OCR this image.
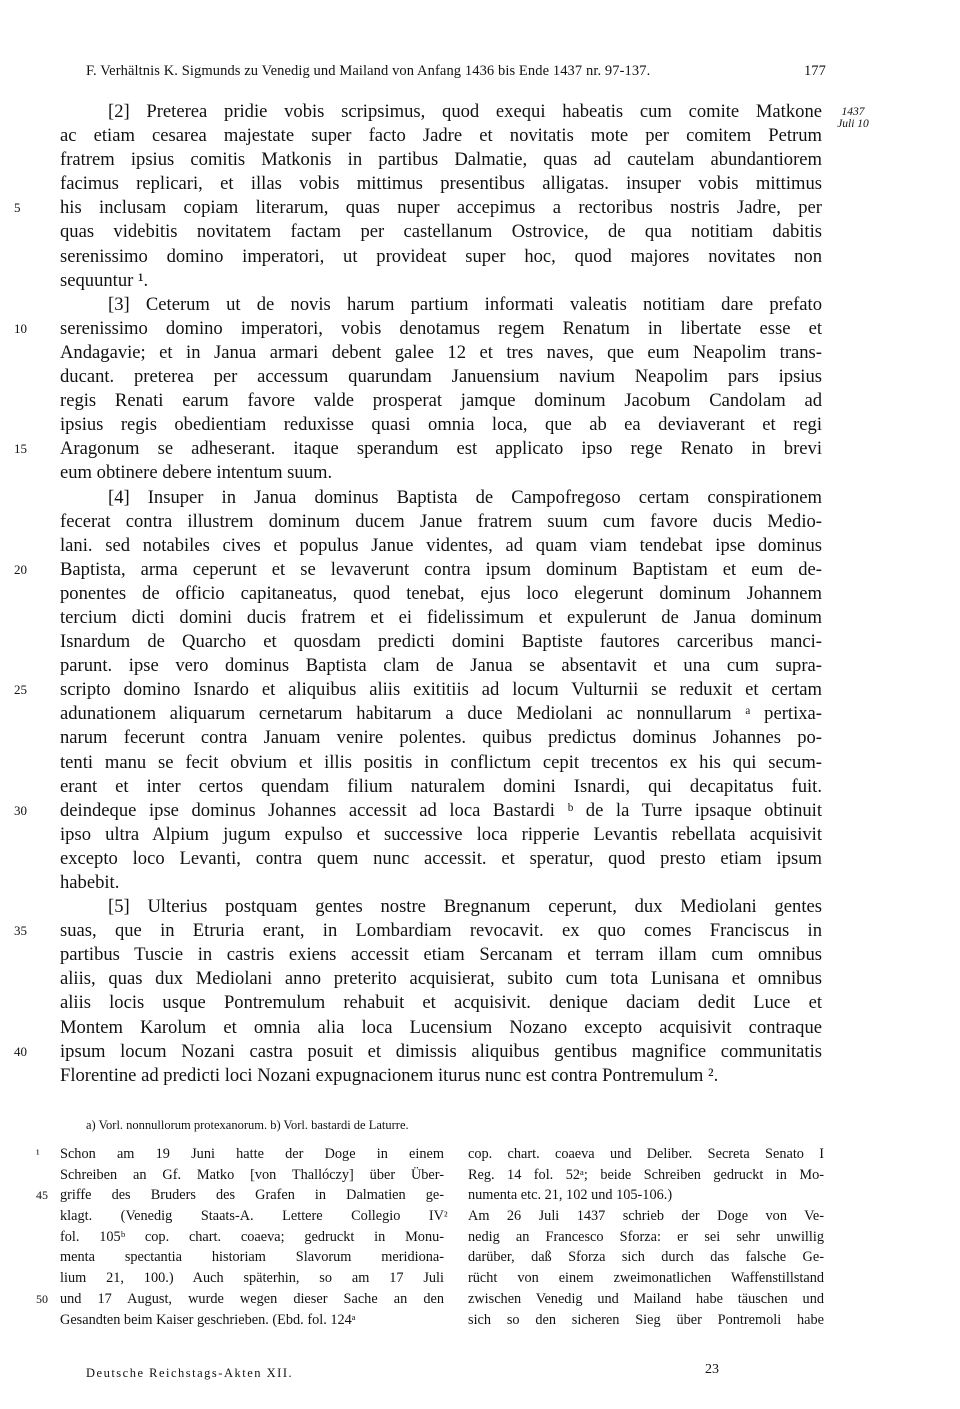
F. Verhältnis K. Sigmunds zu Venedig und Mailand von Anfang 1436 bis Ende 1437 nr. 97-137.	177
1437
Juli 10
[2] Preterea pridie vobis scripsimus, quod exequi habeatis cum comite Matkone
ac etiam cesarea majestate super facto Jadre et novitatis mote per comitem Petrum
fratrem ipsius comitis Matkonis in partibus Dalmatie, quas ad cautelam abundantiorem
facimus replicari, et illas vobis mittimus presentibus alligatas. insuper vobis mittimus
5	his inclusam copiam literarum, quas nuper accepimus a rectoribus nostris Jadre, per
quas videbitis novitatem factam per castellanum Ostrovice, de qua notitiam dabitis
serenissimo domino imperatori, ut provideat super hoc, quod majores novitates non
sequuntur ¹.
[3] Ceterum ut de novis harum partium informati valeatis notitiam dare prefato
10	serenissimo domino imperatori, vobis denotamus regem Renatum in libertate esse et
Andagavie; et in Janua armari debent galee 12 et tres naves, que eum Neapolim trans-
ducant. preterea per accessum quarundam Januensium navium Neapolim pars ipsius
regis Renati earum favore valde prosperat jamque dominum Jacobum Candolam ad
ipsius regis obedientiam reduxisse quasi omnia loca, que ab ea deviaverant et regi
15	Aragonum se adheserant. itaque sperandum est applicato ipso rege Renato in brevi
eum obtinere debere intentum suum.
[4] Insuper in Janua dominus Baptista de Campofregoso certam conspirationem
fecerat contra illustrem dominum ducem Janue fratrem suum cum favore ducis Medio-
lani. sed notabiles cives et populus Janue videntes, ad quam viam tendebat ipse dominus
20	Baptista, arma ceperunt et se levaverunt contra ipsum dominum Baptistam et eum de-
ponentes de officio capitaneatus, quod tenebat, ejus loco elegerunt dominum Johannem
tercium dicti domini ducis fratrem et ei fidelissimum et expulerunt de Janua dominum
Isnardum de Quarcho et quosdam predicti domini Baptiste fautores carceribus manci-
parunt. ipse vero dominus Baptista clam de Janua se absentavit et una cum supra-
25	scripto domino Isnardo et aliquibus aliis exititiis ad locum Vulturnii se reduxit et certam
adunationem aliquarum cernetarum habitarum a duce Mediolani ac nonnullarum ᵃ pertixa-
narum fecerunt contra Januam venire polentes. quibus predictus dominus Johannes po-
tenti manu se fecit obvium et illis positis in conflictum cepit trecentos ex his qui secum-
erant et inter certos quendam filium naturalem domini Isnardi, qui decapitatus fuit.
30	deindeque ipse dominus Johannes accessit ad loca Bastardi ᵇ de la Turre ipsaque obtinuit
ipso ultra Alpium jugum expulso et successive loca ripperie Levantis rebellata acquisivit
excepto loco Levanti, contra quem nunc accessit. et speratur, quod presto etiam ipsum
habebit.
[5] Ulterius postquam gentes nostre Bregnanum ceperunt, dux Mediolani gentes
35	suas, que in Etruria erant, in Lombardiam revocavit. ex quo comes Franciscus in
partibus Tuscie in castris exiens accessit etiam Sercanam et terram illam cum omnibus
aliis, quas dux Mediolani anno preterito acquisierat, subito cum tota Lunisana et omnibus
aliis locis usque Pontremulum rehabuit et acquisivit. denique daciam dedit Luce et
Montem Karolum et omnia alia loca Lucensium Nozano excepto acquisivit contraque
40	ipsum locum Nozani castra posuit et dimissis aliquibus gentibus magnifice communitatis
Florentine ad predicti loci Nozani expugnacionem iturus nunc est contra Pontremulum ².
a) Vorl. nonnullorum protexanorum. b) Vorl. bastardi de Laturre.
¹ Schon am 19 Juni hatte der Doge in einem
Schreiben an Gf. Matko [von Thallóczy] über Über-
45 griffe des Bruders des Grafen in Dalmatien ge-
klagt. (Venedig Staats-A. Lettere Collegio IV
fol. 105ᵇ cop. chart. coaeva; gedruckt in Monu-
menta spectantia historiam Slavorum meridiona-
lium 21, 100.) Auch späterhin, so am 17 Juli
50 und 17 August, wurde wegen dieser Sache an den
Gesandten beim Kaiser geschrieben. (Ebd. fol. 124ᵃ
cop. chart. coaeva und Deliber. Secreta Senato I
Reg. 14 fol. 52ᵃ; beide Schreiben gedruckt in Mo-
numenta etc. 21, 102 und 105-106.)
² Am 26 Juli 1437 schrieb der Doge von Ve-
nedig an Francesco Sforza: er sei sehr unwillig
darüber, daß Sforza sich durch das falsche Ge-
rücht von einem zweimonatlichen Waffenstillstand
zwischen Venedig und Mailand habe täuschen und
sich so den sicheren Sieg über Pontremoli habe
Deutsche Reichstags-Akten XII.	23
